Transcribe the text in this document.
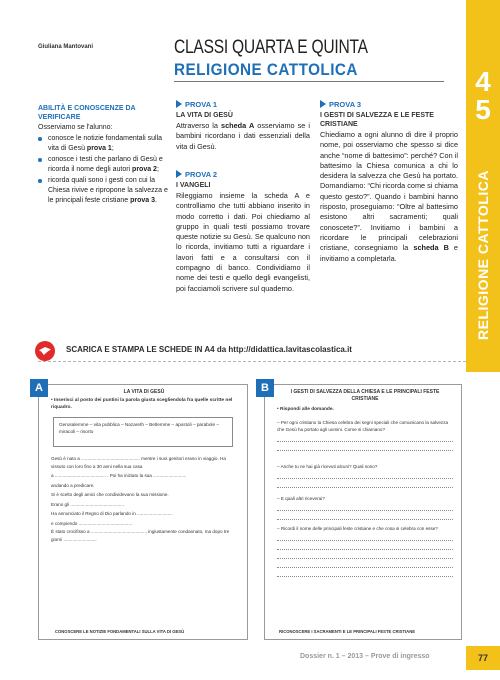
Giuliana Mantovani	CLASSI QUARTA E QUINTA
RELIGIONE CATTOLICA	4
5
RELIGIONE CATTOLICA
ABILITÀ E CONOSCENZE DA VERIFICARE
Osserviamo se l'alunno:
conosce le notizie fondamentali sulla vita di Gesù prova 1;
conosce i testi che parlano di Gesù e ricorda il nome degli autori prova 2;
ricorda quali sono i gesti con cui la Chiesa rivive e ripropone la salvezza e le principali feste cristiane prova 3.
PROVA 1
LA VITA DI GESÙ
Attraverso la scheda A osserviamo se i bambini ricordano i dati essenziali della vita di Gesù.
PROVA 2
I VANGELI
Rileggiamo insieme la scheda A e controlliamo che tutti abbiano inserito in modo corretto i dati. Poi chiediamo al gruppo in quali testi possiamo trovare queste notizie su Gesù. Se qualcuno non lo ricorda, invitiamo tutti a riguardare i lavori fatti e a consultarsi con il compagno di banco. Condividiamo il nome dei testi e quello degli evangelisti, poi facciamoli scrivere sul quaderno.
PROVA 3
I GESTI DI SALVEZZA E LE FESTE CRISTIANE
Chiediamo a ogni alunno di dire il proprio nome, poi osserviamo che spesso si dice anche “nome di battesimo”: perché? Con il battesimo la Chiesa comunica a chi lo desidera la salvezza che Gesù ha portato. Domandiamo: “Chi ricorda come si chiama questo gesto?”. Quando i bambini hanno risposto, proseguiamo: “Oltre al battesimo esistono altri sacramenti; quali conoscete?”. Invitiamo i bambini a ricordare le principali celebrazioni cristiane, consegniamo la scheda B e invitiamo a completarla.
SCARICA E STAMPA LE SCHEDE IN A4 da http://didattica.lavitascolastica.it
LA VITA DI GESÙ
• Inserisci al posto dei puntini la parola giusta scegliendola fra quelle scritte nel riquadro.
Gerusalemme – vita pubblica – Nazareth – Betlemme – apostoli – parabole – miracoli – risorto
Gesù è nato a .............................................. mentre i suoi genitori erano in viaggio. Ha vissuto con loro fino a 30 anni nella sua casa
a ........................................ . Poi ha iniziato la sua ..........................
andando a predicare.
Si è scelto degli amici che condividevano la sua missione.
Erano gli ..........................................
Ha annunciato il Regno di Dio parlando in ............................
e compiendo ..........................................
È stato crocifisso a ..........................................., ingiustamente condannato, ma dopo tre giorni ..........................
CONOSCERE LE NOTIZIE FONDAMENTALI SULLA VITA DI GESÙ
A	I GESTI DI SALVEZZA DELLA CHIESA E LE PRINCIPALI FESTE CRISTIANE
• Rispondi alle domande.
– Per ogni cristiano la Chiesa celebra dei segni speciali che comunicano la salvezza che Gesù ha portato agli uomini. Come si chiamano?
– Anche tu ne hai già ricevuti alcuni? Quali sono?
– E quali altri riceverai?
– Ricordi il nome delle principali feste cristiane e che cosa si celebra con esse?
RICONOSCERE I SACRAMENTI E LE PRINCIPALI FESTE CRISTIANE
B
Dossier n. 1 – 2013 – Prove di ingresso	77
